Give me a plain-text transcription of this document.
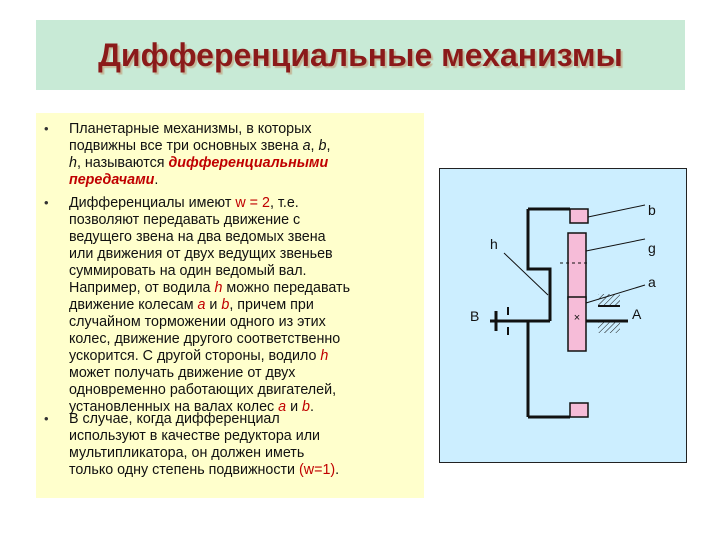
Дифференциальные механизмы
•
•
•

Планетарные механизмы, в которых
подвижны все три основных звена a, b,
h, называются дифференциальными
передачами.

Дифференциалы имеют w = 2, т.е.
позволяют передавать движение с
ведущего звена на два ведомых звена
или движения от двух ведущих звеньев
суммировать на один ведомый вал.
Например, от водила h можно передавать
движение колесам a и b, причем при
случайном торможении одного из этих
колес, движение другого соответственно
ускорится. С другой стороны, водило h
может получать движение от двух
одновременно работающих двигателей,
установленных на валах колес a и b.

В случае, когда дифференциал
используют в качестве редуктора или
мультипликатора, он должен иметь
только одну степень подвижности (w=1).

×
b
h	g
a
B	A
